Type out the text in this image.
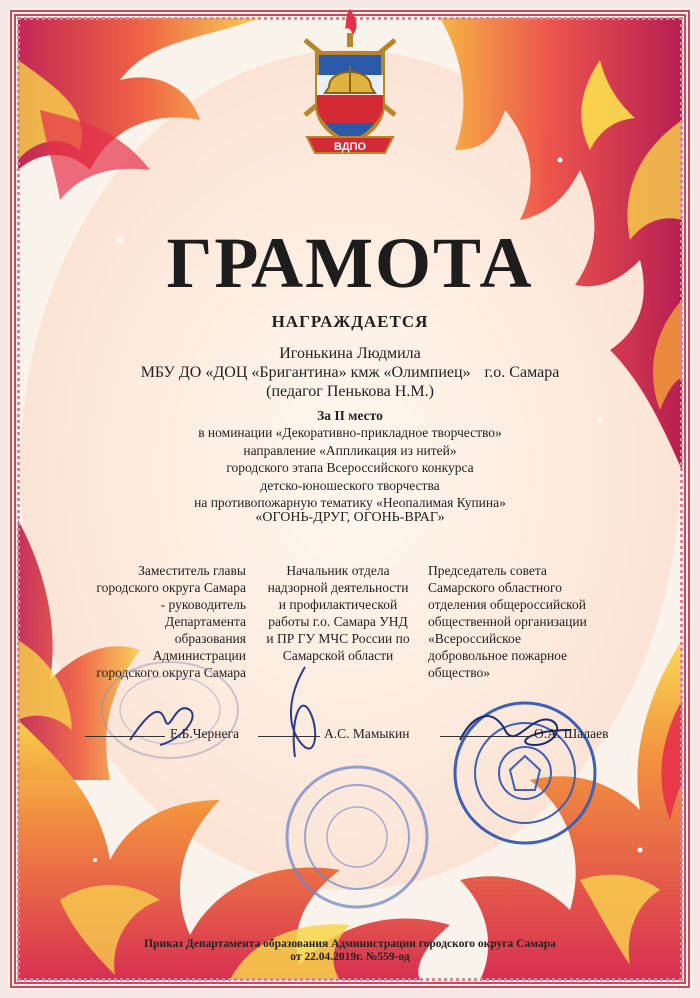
ВДПО
ГРАМОТА
НАГРАЖДАЕТСЯ
Игонькина Людмила
МБУ ДО «ДОЦ «Бригантина» кмж «Олимпиец» г.о. Самара
(педагог Пенькова Н.М.)
За II место
в номинации «Декоративно-прикладное творчество»
направление «Аппликация из нитей»
городского этапа Всероссийского конкурса
детско-юношеского творчества
на противопожарную тематику «Неопалимая Купина»
«ОГОНЬ-ДРУГ, ОГОНЬ-ВРАГ»
Заместитель главы
городского округа Самара
- руководитель
Департамента
образования
Администрации
городского округа Самара
Начальник отдела
надзорной деятельности
и профилактической
работы г.о. Самара УНД
и ПР ГУ МЧС России по
Самарской области
Председатель совета
Самарского областного
отделения общероссийской
общественной организации
«Всероссийское
добровольное пожарное
общество»
Е.Б.Чернега	А.С. Мамыкин	О.А. Шалаев
Приказ Департамента образования Администрации городского округа Самара
от 22.04.2019г. №559-од
